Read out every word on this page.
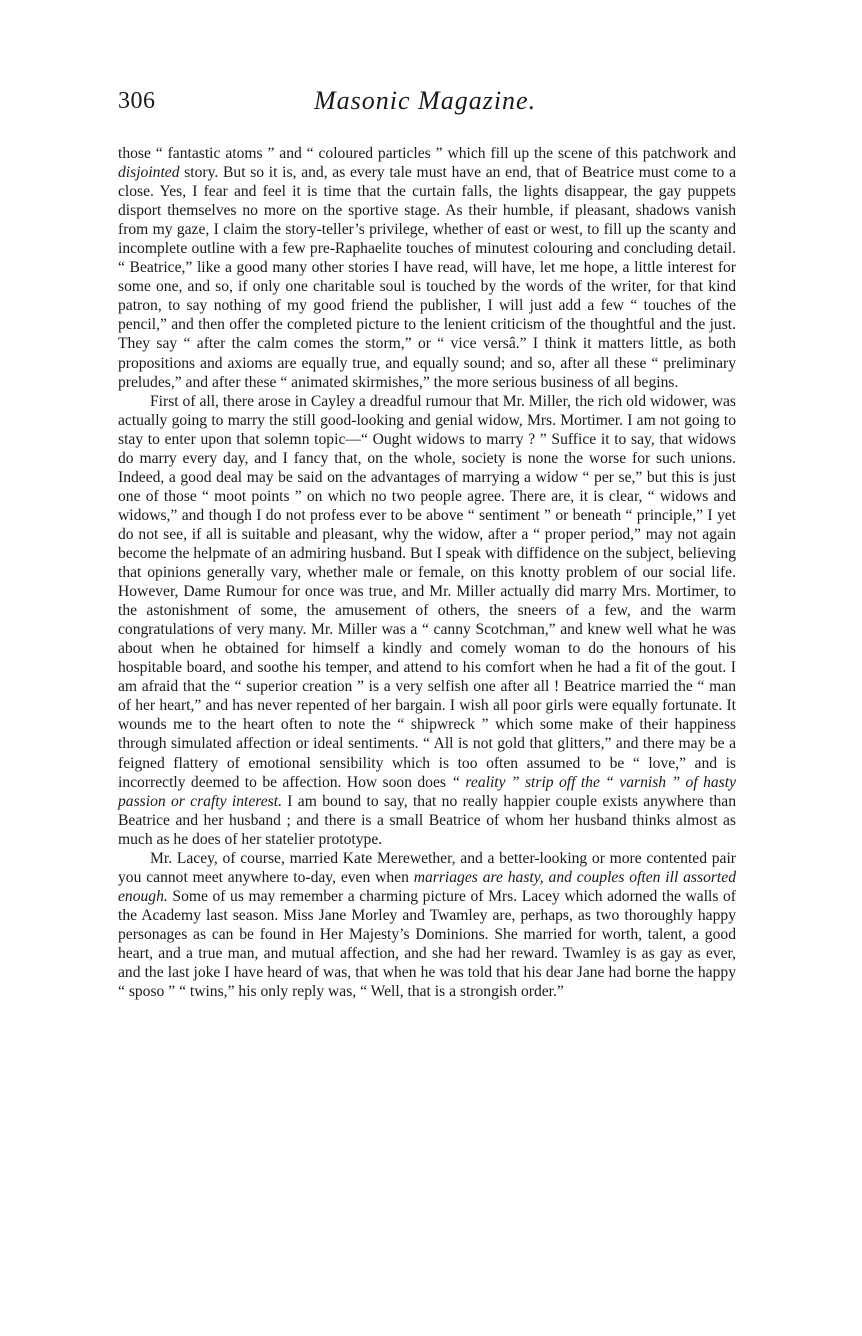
306	Masonic Magazine.

those “ fantastic atoms ” and “ coloured particles ” which fill up the scene of this patchwork and disjointed story. But so it is, and, as every tale must have an end, that of Beatrice must come to a close. Yes, I fear and feel it is time that the curtain falls, the lights disappear, the gay puppets disport themselves no more on the sportive stage. As their humble, if pleasant, shadows vanish from my gaze, I claim the story-teller’s privilege, whether of east or west, to fill up the scanty and incomplete outline with a few pre-Raphaelite touches of minutest colouring and concluding detail. “ Beatrice,” like a good many other stories I have read, will have, let me hope, a little interest for some one, and so, if only one charitable soul is touched by the words of the writer, for that kind patron, to say nothing of my good friend the publisher, I will just add a few “ touches of the pencil,” and then offer the completed picture to the lenient criticism of the thoughtful and the just. They say “ after the calm comes the storm,” or “ vice versâ.” I think it matters little, as both propositions and axioms are equally true, and equally sound; and so, after all these “ preliminary preludes,” and after these “ animated skirmishes,” the more serious business of all begins.

First of all, there arose in Cayley a dreadful rumour that Mr. Miller, the rich old widower, was actually going to marry the still good-looking and genial widow, Mrs. Mortimer. I am not going to stay to enter upon that solemn topic—“ Ought widows to marry ? ” Suffice it to say, that widows do marry every day, and I fancy that, on the whole, society is none the worse for such unions. Indeed, a good deal may be said on the advantages of marrying a widow “ per se,” but this is just one of those “ moot points ” on which no two people agree. There are, it is clear, “ widows and widows,” and though I do not profess ever to be above “ sentiment ” or beneath “ principle,” I yet do not see, if all is suitable and pleasant, why the widow, after a “ proper period,” may not again become the helpmate of an admiring husband. But I speak with diffidence on the subject, believing that opinions generally vary, whether male or female, on this knotty problem of our social life. However, Dame Rumour for once was true, and Mr. Miller actually did marry Mrs. Mortimer, to the astonishment of some, the amusement of others, the sneers of a few, and the warm congratulations of very many. Mr. Miller was a “ canny Scotchman,” and knew well what he was about when he obtained for himself a kindly and comely woman to do the honours of his hospitable board, and soothe his temper, and attend to his comfort when he had a fit of the gout. I am afraid that the “ superior creation ” is a very selfish one after all ! Beatrice married the “ man of her heart,” and has never repented of her bargain. I wish all poor girls were equally fortunate. It wounds me to the heart often to note the “ shipwreck ” which some make of their happiness through simulated affection or ideal sentiments. “ All is not gold that glitters,” and there may be a feigned flattery of emotional sensibility which is too often assumed to be “ love,” and is incorrectly deemed to be affection. How soon does “ reality ” strip off the “ varnish ” of hasty passion or crafty interest. I am bound to say, that no really happier couple exists anywhere than Beatrice and her husband ; and there is a small Beatrice of whom her husband thinks almost as much as he does of her statelier prototype.

Mr. Lacey, of course, married Kate Merewether, and a better-looking or more contented pair you cannot meet anywhere to-day, even when marriages are hasty, and couples often ill assorted enough. Some of us may remember a charming picture of Mrs. Lacey which adorned the walls of the Academy last season. Miss Jane Morley and Twamley are, perhaps, as two thoroughly happy personages as can be found in Her Majesty’s Dominions. She married for worth, talent, a good heart, and a true man, and mutual affection, and she had her reward. Twamley is as gay as ever, and the last joke I have heard of was, that when he was told that his dear Jane had borne the happy “ sposo ” “ twins,” his only reply was, “ Well, that is a strongish order.”
